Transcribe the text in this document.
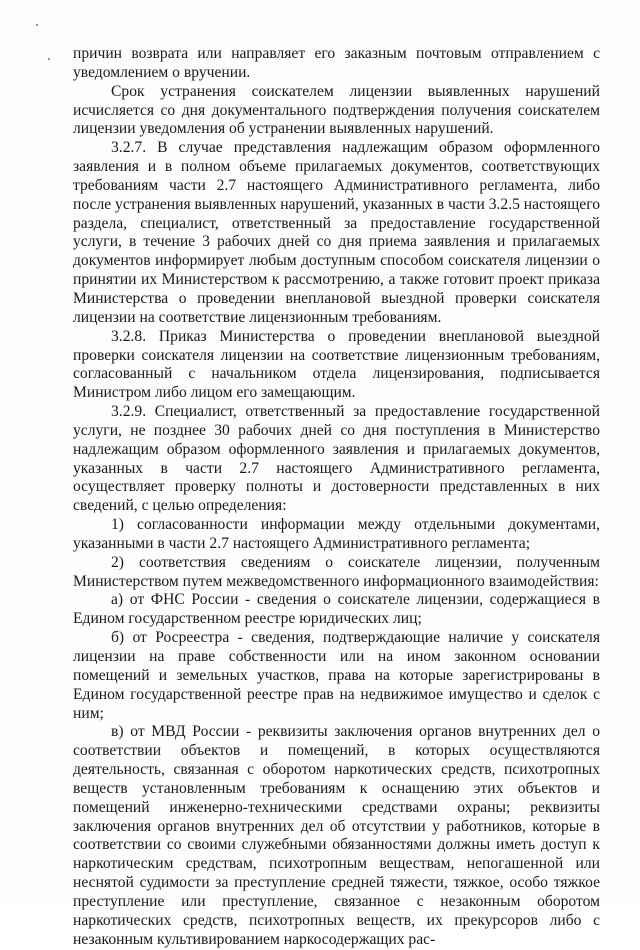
причин возврата или направляет его заказным почтовым отправлением с уведомлением о вручении.

Срок устранения соискателем лицензии выявленных нарушений исчисляется со дня документального подтверждения получения соискателем лицензии уведомления об устранении выявленных нарушений.

3.2.7. В случае представления надлежащим образом оформленного заявления и в полном объеме прилагаемых документов, соответствующих требованиям части 2.7 настоящего Административного регламента, либо после устранения выявленных нарушений, указанных в части 3.2.5 настоящего раздела, специалист, ответственный за предоставление государственной услуги, в течение 3 рабочих дней со дня приема заявления и прилагаемых документов информирует любым доступным способом соискателя лицензии о принятии их Министерством к рассмотрению, а также готовит проект приказа Министерства о проведении внеплановой выездной проверки соискателя лицензии на соответствие лицензионным требованиям.

3.2.8. Приказ Министерства о проведении внеплановой выездной проверки соискателя лицензии на соответствие лицензионным требованиям, согласованный с начальником отдела лицензирования, подписывается Министром либо лицом его замещающим.

3.2.9. Специалист, ответственный за предоставление государственной услуги, не позднее 30 рабочих дней со дня поступления в Министерство надлежащим образом оформленного заявления и прилагаемых документов, указанных в части 2.7 настоящего Административного регламента, осуществляет проверку полноты и достоверности представленных в них сведений, с целью определения:

1) согласованности информации между отдельными документами, указанными в части 2.7 настоящего Административного регламента;

2) соответствия сведениям о соискателе лицензии, полученным Министерством путем межведомственного информационного взаимодействия:

а) от ФНС России - сведения о соискателе лицензии, содержащиеся в Едином государственном реестре юридических лиц;

б) от Росреестра - сведения, подтверждающие наличие у соискателя лицензии на праве собственности или на ином законном основании помещений и земельных участков, права на которые зарегистрированы в Едином государственной реестре прав на недвижимое имущество и сделок с ним;

в) от МВД России - реквизиты заключения органов внутренних дел о соответствии объектов и помещений, в которых осуществляются деятельность, связанная с оборотом наркотических средств, психотропных веществ установленным требованиям к оснащению этих объектов и помещений инженерно-техническими средствами охраны; реквизиты заключения органов внутренних дел об отсутствии у работников, которые в соответствии со своими служебными обязанностями должны иметь доступ к наркотическим средствам, психотропным веществам, непогашенной или неснятой судимости за преступление средней тяжести, тяжкое, особо тяжкое преступление или преступление, связанное с незаконным оборотом наркотических средств, психотропных веществ, их прекурсоров либо с незаконным культивированием наркосодержащих рас-
